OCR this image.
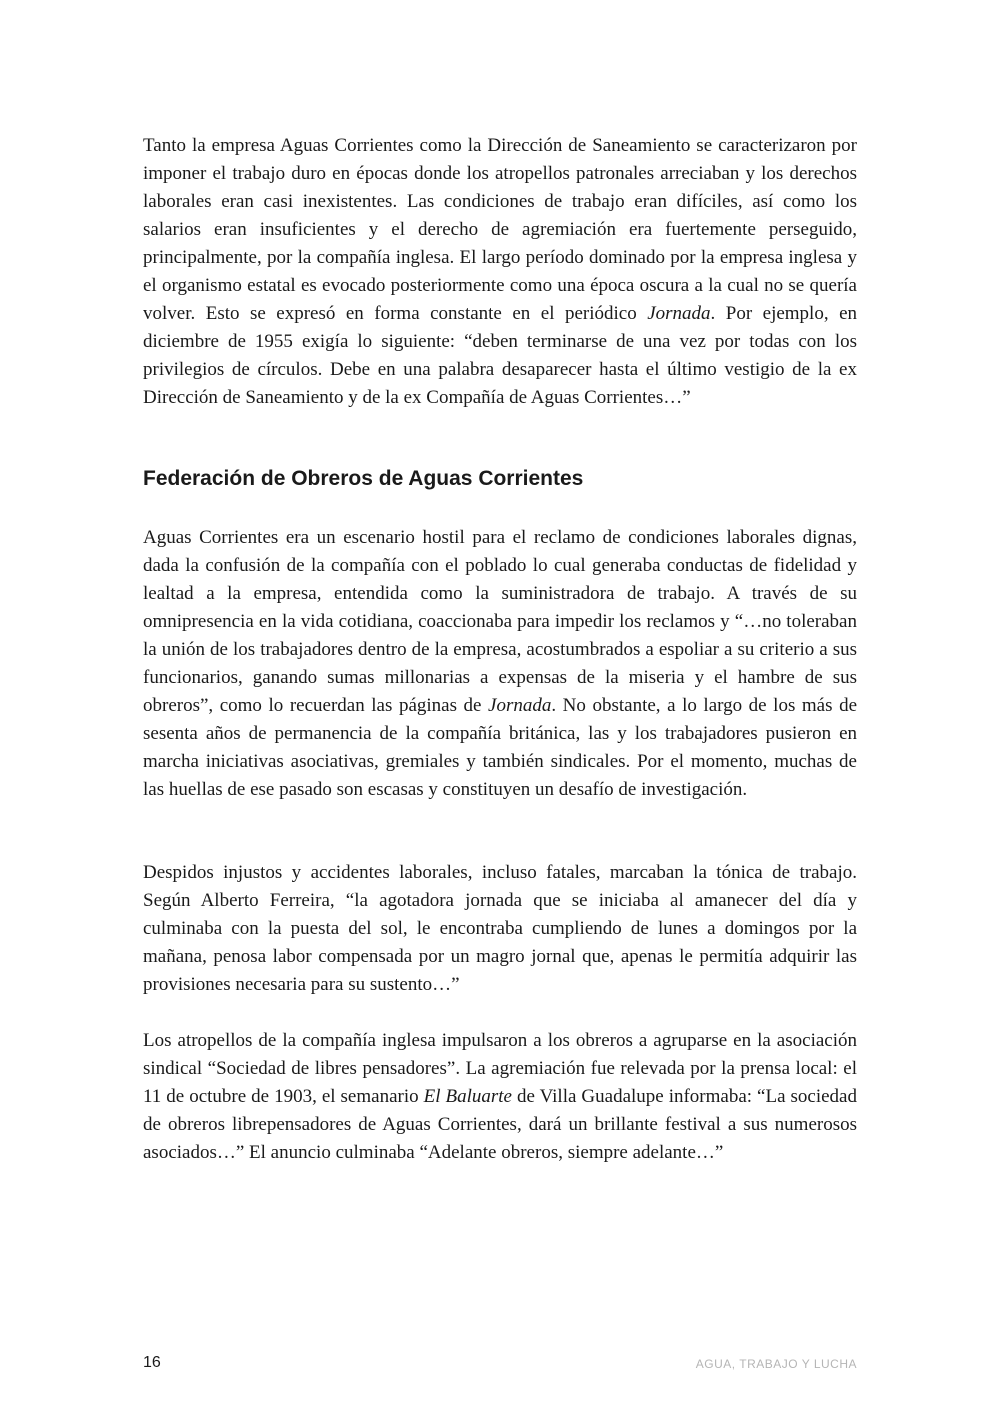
Tanto la empresa Aguas Corrientes como la Dirección de Saneamiento se caracterizaron por imponer el trabajo duro en épocas donde los atropellos patronales arreciaban y los derechos laborales eran casi inexistentes. Las condiciones de trabajo eran difíciles, así como los salarios eran insuficientes y el derecho de agremiación era fuertemente perseguido, principalmente, por la compañía inglesa. El largo período dominado por la empresa inglesa y el organismo estatal es evocado posteriormente como una época oscura a la cual no se quería volver. Esto se expresó en forma constante en el periódico Jornada. Por ejemplo, en diciembre de 1955 exigía lo siguiente: “deben terminarse de una vez por todas con los privilegios de círculos. Debe en una palabra desaparecer hasta el último vestigio de la ex Dirección de Saneamiento y de la ex Compañía de Aguas Corrientes…”

Federación de Obreros de Aguas Corrientes

Aguas Corrientes era un escenario hostil para el reclamo de condiciones laborales dignas, dada la confusión de la compañía con el poblado lo cual generaba conductas de fidelidad y lealtad a la empresa, entendida como la suministradora de trabajo. A través de su omnipresencia en la vida cotidiana, coaccionaba para impedir los reclamos y “…no toleraban la unión de los trabajadores dentro de la empresa, acostumbrados a espoliar a su criterio a sus funcionarios, ganando sumas millonarias a expensas de la miseria y el hambre de sus obreros”, como lo recuerdan las páginas de Jornada. No obstante, a lo largo de los más de sesenta años de permanencia de la compañía británica, las y los trabajadores pusieron en marcha iniciativas asociativas, gremiales y también sindicales. Por el momento, muchas de las huellas de ese pasado son escasas y constituyen un desafío de investigación.

Despidos injustos y accidentes laborales, incluso fatales, marcaban la tónica de trabajo. Según Alberto Ferreira, “la agotadora jornada que se iniciaba al amanecer del día y culminaba con la puesta del sol, le encontraba cumpliendo de lunes a domingos por la mañana, penosa labor compensada por un magro jornal que, apenas le permitía adquirir las provisiones necesaria para su sustento…”

Los atropellos de la compañía inglesa impulsaron a los obreros a agruparse en la asociación sindical “Sociedad de libres pensadores”. La agremiación fue relevada por la prensa local: el 11 de octubre de 1903, el semanario El Baluarte de Villa Guadalupe informaba: “La sociedad de obreros librepensadores de Aguas Corrientes, dará un brillante festival a sus numerosos asociados…” El anuncio culminaba “Adelante obreros, siempre adelante…”

16	AGUA, TRABAJO Y LUCHA
